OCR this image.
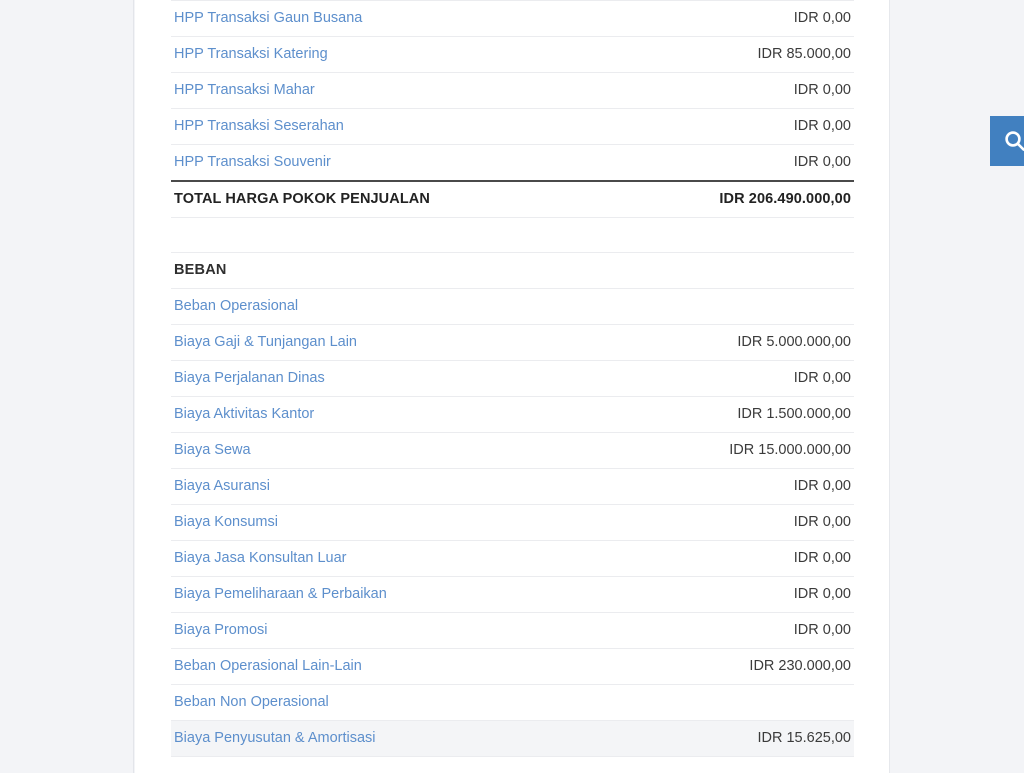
HPP Transaksi Gaun Busana	IDR 0,00
HPP Transaksi Katering	IDR 85.000,00
HPP Transaksi Mahar	IDR 0,00
HPP Transaksi Seserahan	IDR 0,00
HPP Transaksi Souvenir	IDR 0,00
TOTAL HARGA POKOK PENJUALAN	IDR 206.490.000,00

BEBAN	
Beban Operasional	
Biaya Gaji & Tunjangan Lain	IDR 5.000.000,00
Biaya Perjalanan Dinas	IDR 0,00
Biaya Aktivitas Kantor	IDR 1.500.000,00
Biaya Sewa	IDR 15.000.000,00
Biaya Asuransi	IDR 0,00
Biaya Konsumsi	IDR 0,00
Biaya Jasa Konsultan Luar	IDR 0,00
Biaya Pemeliharaan & Perbaikan	IDR 0,00
Biaya Promosi	IDR 0,00
Beban Operasional Lain-Lain	IDR 230.000,00
Beban Non Operasional	
Biaya Penyusutan & Amortisasi	IDR 15.625,00
